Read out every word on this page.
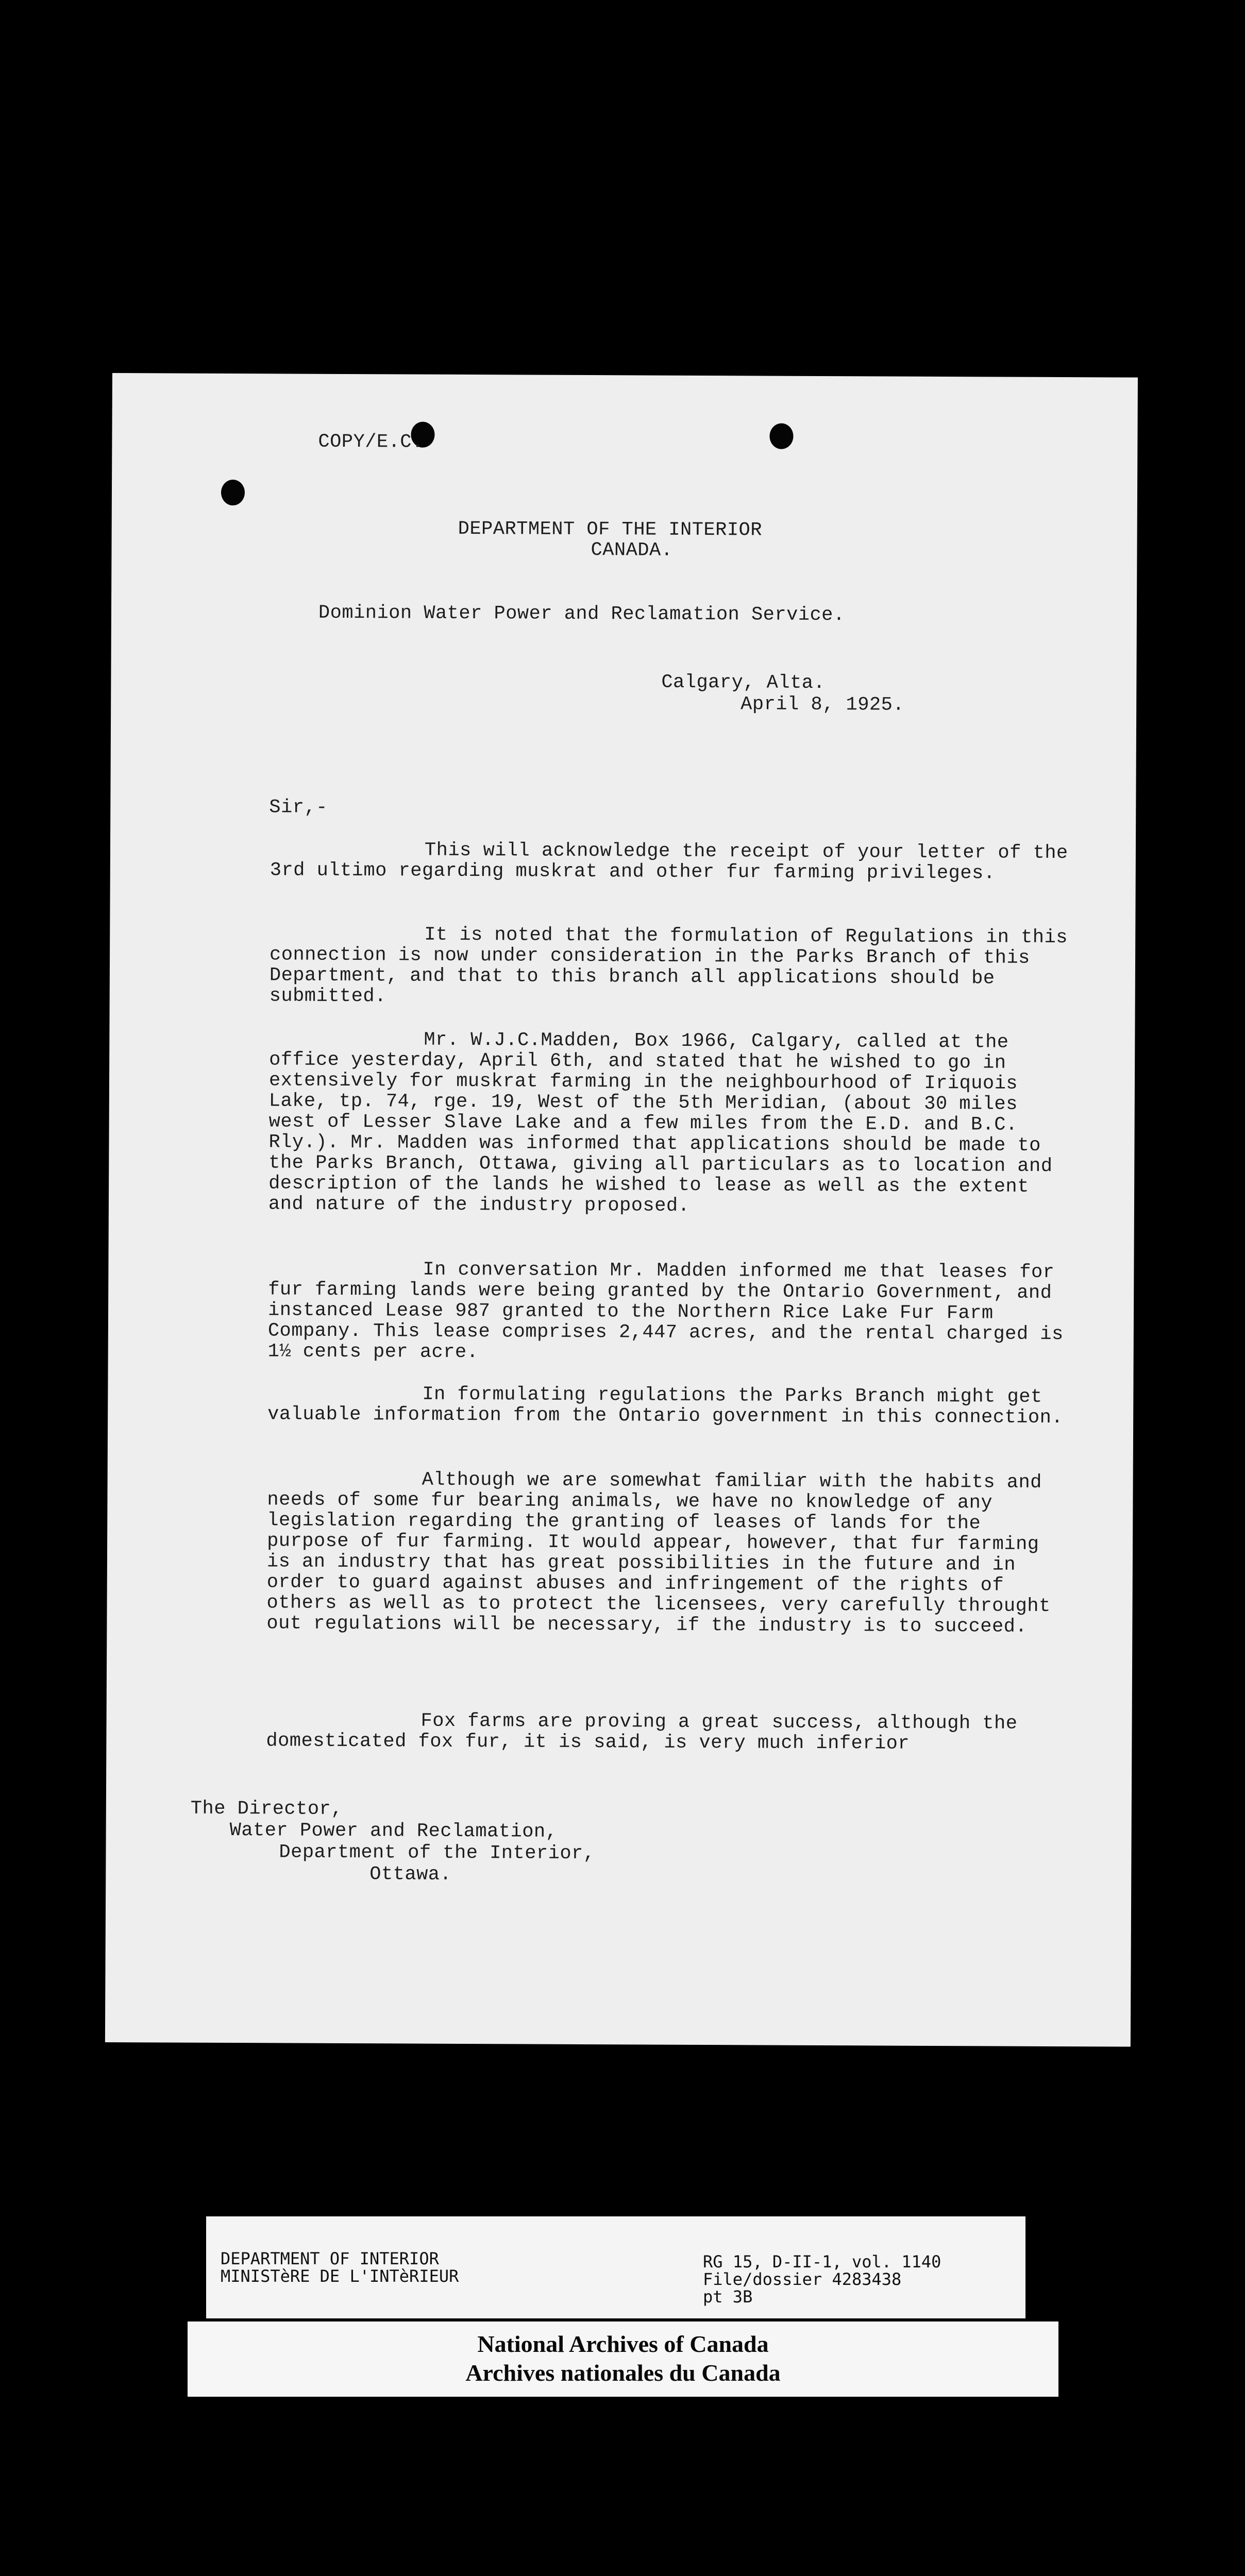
COPY/E.C.
DEPARTMENT OF THE INTERIOR
CANADA.
Dominion Water Power and Reclamation Service.
Calgary, Alta.
April 8, 1925.
Sir,-
This will acknowledge the receipt of your letter of the 3rd ultimo regarding muskrat and other fur farming privileges.
It is noted that the formulation of Regulations in this connection is now under consideration in the Parks Branch of this Department, and that to this branch all applications should be submitted.
Mr. W.J.C.Madden, Box 1966, Calgary, called at the office yesterday, April 6th, and stated that he wished to go in extensively for muskrat farming in the neighbourhood of Iriquois Lake, tp. 74, rge. 19, West of the 5th Meridian, (about 30 miles west of Lesser Slave Lake and a few miles from the E.D. and B.C. Rly.). Mr. Madden was informed that applications should be made to the Parks Branch, Ottawa, giving all particulars as to location and description of the lands he wished to lease as well as the extent and nature of the industry proposed.
In conversation Mr. Madden informed me that leases for fur farming lands were being granted by the Ontario Government, and instanced Lease 987 granted to the Northern Rice Lake Fur Farm Company. This lease comprises 2,447 acres, and the rental charged is 1½ cents per acre.
In formulating regulations the Parks Branch might get valuable information from the Ontario government in this connection.
Although we are somewhat familiar with the habits and needs of some fur bearing animals, we have no knowledge of any legislation regarding the granting of leases of lands for the purpose of fur farming. It would appear, however, that fur farming is an industry that has great possibilities in the future and in order to guard against abuses and infringement of the rights of others as well as to protect the licensees, very carefully throught out regulations will be necessary, if the industry is to succeed.
Fox farms are proving a great success, although the domesticated fox fur, it is said, is very much inferior
The Director,
Water Power and Reclamation,
Department of the Interior,
Ottawa.
DEPARTMENT OF INTERIOR
MINISTèRE DE L'INTèRIEUR
RG 15, D-II-1, vol. 1140
File/dossier 4283438
pt 3B
National Archives of Canada
Archives nationales du Canada
